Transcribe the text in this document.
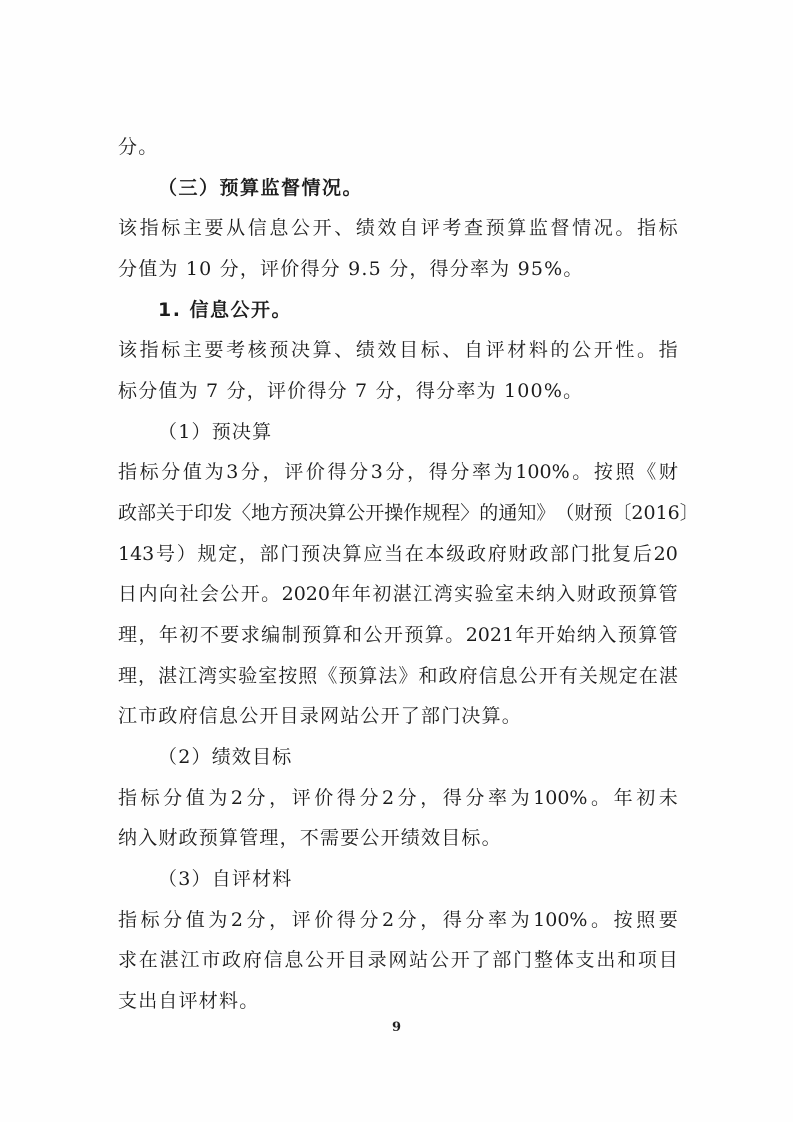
分。
（三）预算监督情况。
该 指 标 主 要 从 信 息 公 开 、 绩 效 自 评 考 查 预 算 监 督 情 况 。 指 标
分值为 10 分，评价得分 9.5 分，得分率为 95%。
1. 信息公开。
该 指 标 主 要 考 核 预 决 算 、 绩 效 目 标 、 自 评 材 料 的 公 开 性 。 指
标分值为 7 分，评价得分 7 分，得分率为 100%。
（1）预决算
指 标 分 值 为 3 分 ， 评 价 得 分 3 分 ， 得 分 率 为 100% 。 按 照 《 财
政 部 关 于 印 发 〈 地 方 预 决 算 公 开 操 作 规 程 〉 的 通 知 》 （ 财 预 〔 2016 〕
143 号 ） 规 定 ， 部 门 预 决 算 应 当 在 本 级 政 府 财 政 部 门 批 复 后 20
日 内 向 社 会 公 开 。 2020 年 年 初 湛 江 湾 实 验 室 未 纳 入 财 政 预 算 管
理 ， 年 初 不 要 求 编 制 预 算 和 公 开 预 算 。 2021 年 开 始 纳 入 预 算 管
理 ， 湛 江 湾 实 验 室 按 照 《 预 算 法 》 和 政 府 信 息 公 开 有 关 规 定 在 湛
江市政府信息公开目录网站公开了部门决算。
（2）绩效目标
指 标 分 值 为 2 分 ， 评 价 得 分 2 分 ， 得 分 率 为 100% 。 年 初 未
纳入财政预算管理，不需要公开绩效目标。
（3）自评材料
指 标 分 值 为 2 分 ， 评 价 得 分 2 分 ， 得 分 率 为 100% 。 按 照 要
求 在 湛 江 市 政 府 信 息 公 开 目 录 网 站 公 开 了 部 门 整 体 支 出 和 项 目
支出自评材料。
9
